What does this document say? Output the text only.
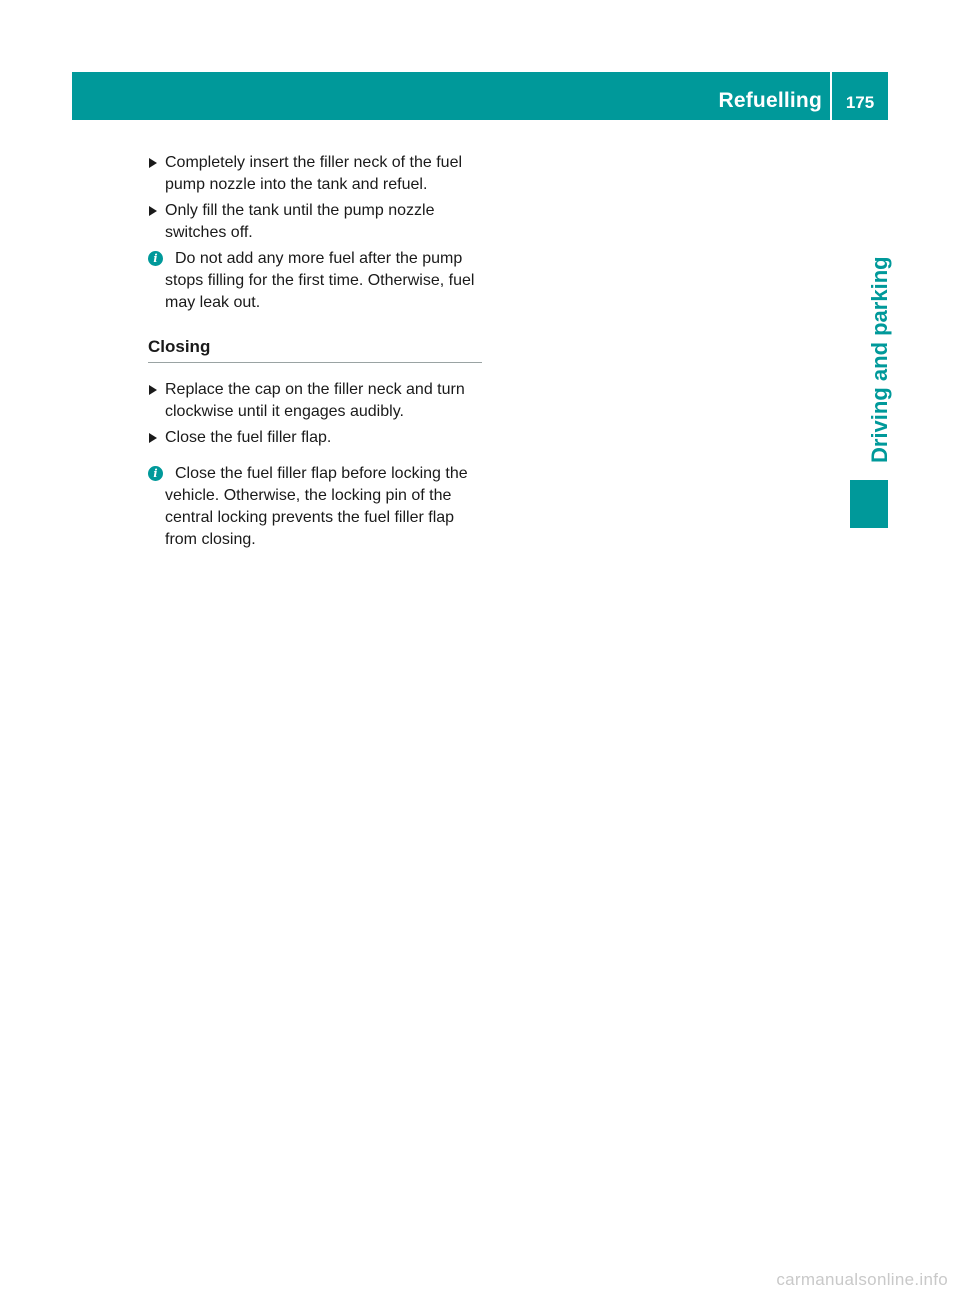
Refuelling	175
Driving and parking
Completely insert the filler neck of the fuel pump nozzle into the tank and refuel.
Only fill the tank until the pump nozzle switches off.
i	Do not add any more fuel after the pump stops filling for the first time. Otherwise, fuel may leak out.
Closing
Replace the cap on the filler neck and turn clockwise until it engages audibly.
Close the fuel filler flap.
i	Close the fuel filler flap before locking the vehicle. Otherwise, the locking pin of the central locking prevents the fuel filler flap from closing.
carmanualsonline.info
